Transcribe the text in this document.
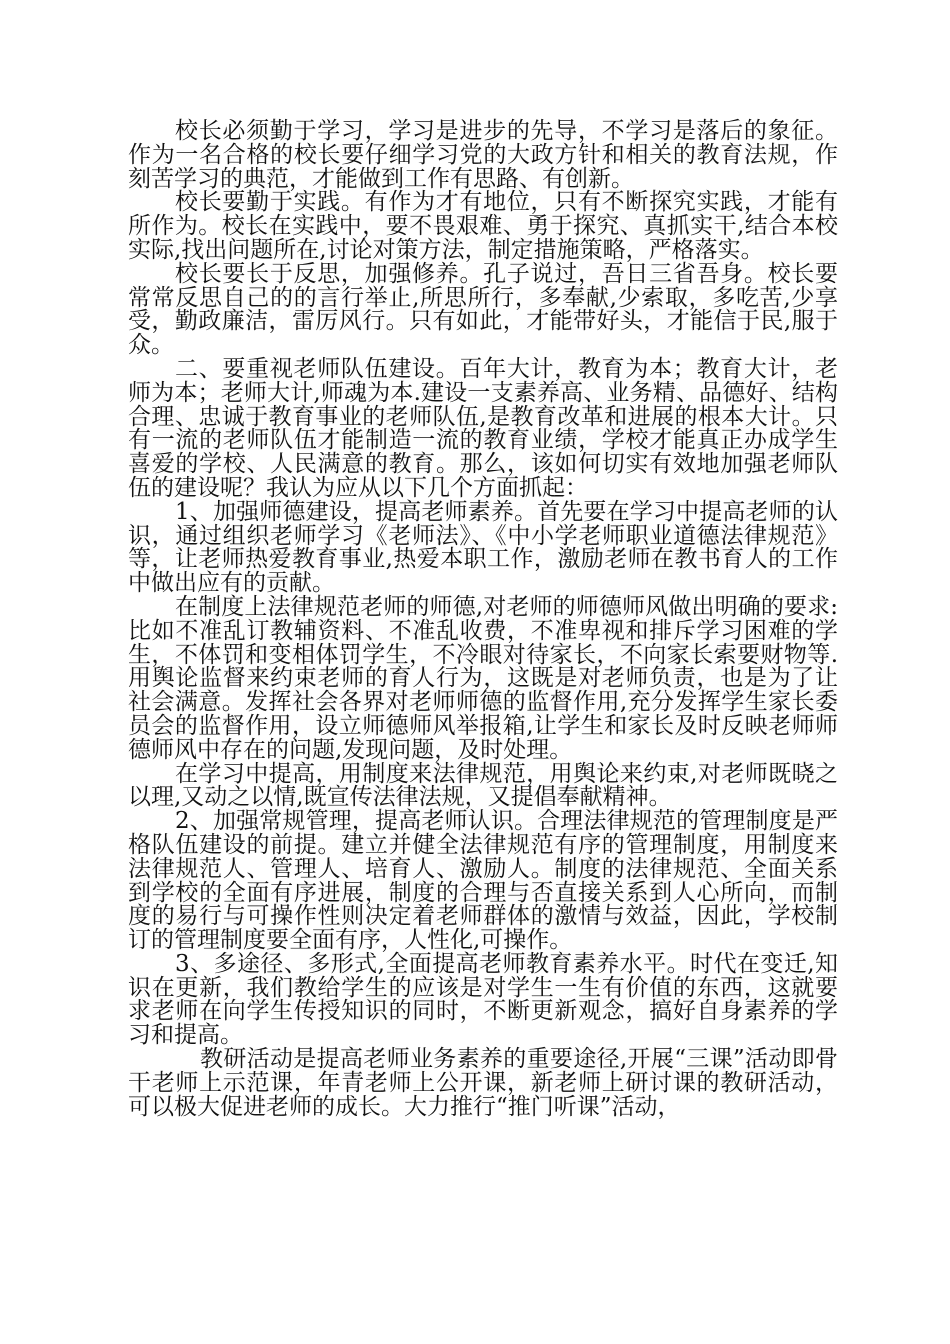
校长必须勤于学习，学习是进步的先导，不学习是落后的象征。作为一名合格的校长要仔细学习党的大政方针和相关的教育法规，作刻苦学习的典范，才能做到工作有思路、有创新。

校长要勤于实践。有作为才有地位，只有不断探究实践，才能有所作为。校长在实践中，要不畏艰难、勇于探究、真抓实干,结合本校实际,找出问题所在,讨论对策方法，制定措施策略，严格落实。

校长要长于反思，加强修养。孔子说过，吾日三省吾身。校长要常常反思自己的的言行举止,所思所行，多奉献,少索取，多吃苦,少享受，勤政廉洁，雷厉风行。只有如此，才能带好头，才能信于民,服于众。

二、要重视老师队伍建设。百年大计，教育为本；教育大计，老师为本；老师大计,师魂为本.建设一支素养高、业务精、品德好、结构合理、忠诚于教育事业的老师队伍,是教育改革和进展的根本大计。只有一流的老师队伍才能制造一流的教育业绩，学校才能真正办成学生喜爱的学校、人民满意的教育。那么，该如何切实有效地加强老师队伍的建设呢？我认为应从以下几个方面抓起：

1、加强师德建设，提高老师素养。首先要在学习中提高老师的认识，通过组织老师学习《老师法》、《中小学老师职业道德法律规范》等，让老师热爱教育事业,热爱本职工作，激励老师在教书育人的工作中做出应有的贡献。

在制度上法律规范老师的师德,对老师的师德师风做出明确的要求:比如不准乱订教辅资料、不准乱收费，不准卑视和排斥学习困难的学生，不体罚和变相体罚学生，不冷眼对待家长，不向家长索要财物等.用舆论监督来约束老师的育人行为，这既是对老师负责，也是为了让社会满意。发挥社会各界对老师师德的监督作用,充分发挥学生家长委员会的监督作用，设立师德师风举报箱,让学生和家长及时反映老师师德师风中存在的问题,发现问题，及时处理。

在学习中提高，用制度来法律规范，用舆论来约束,对老师既晓之以理,又动之以情,既宣传法律法规，又提倡奉献精神。

2、加强常规管理，提高老师认识。合理法律规范的管理制度是严格队伍建设的前提。建立并健全法律规范有序的管理制度，用制度来法律规范人、管理人、培育人、激励人。制度的法律规范、全面关系到学校的全面有序进展，制度的合理与否直接关系到人心所向，而制度的易行与可操作性则决定着老师群体的激情与效益，因此，学校制订的管理制度要全面有序，人性化,可操作。

3、多途径、多形式,全面提高老师教育素养水平。时代在变迁,知识在更新，我们教给学生的应该是对学生一生有价值的东西，这就要求老师在向学生传授知识的同时，不断更新观念，搞好自身素养的学习和提高。

教研活动是提高老师业务素养的重要途径,开展“三课”活动即骨干老师上示范课，年青老师上公开课，新老师上研讨课的教研活动，可以极大促进老师的成长。大力推行“推门听课”活动，
